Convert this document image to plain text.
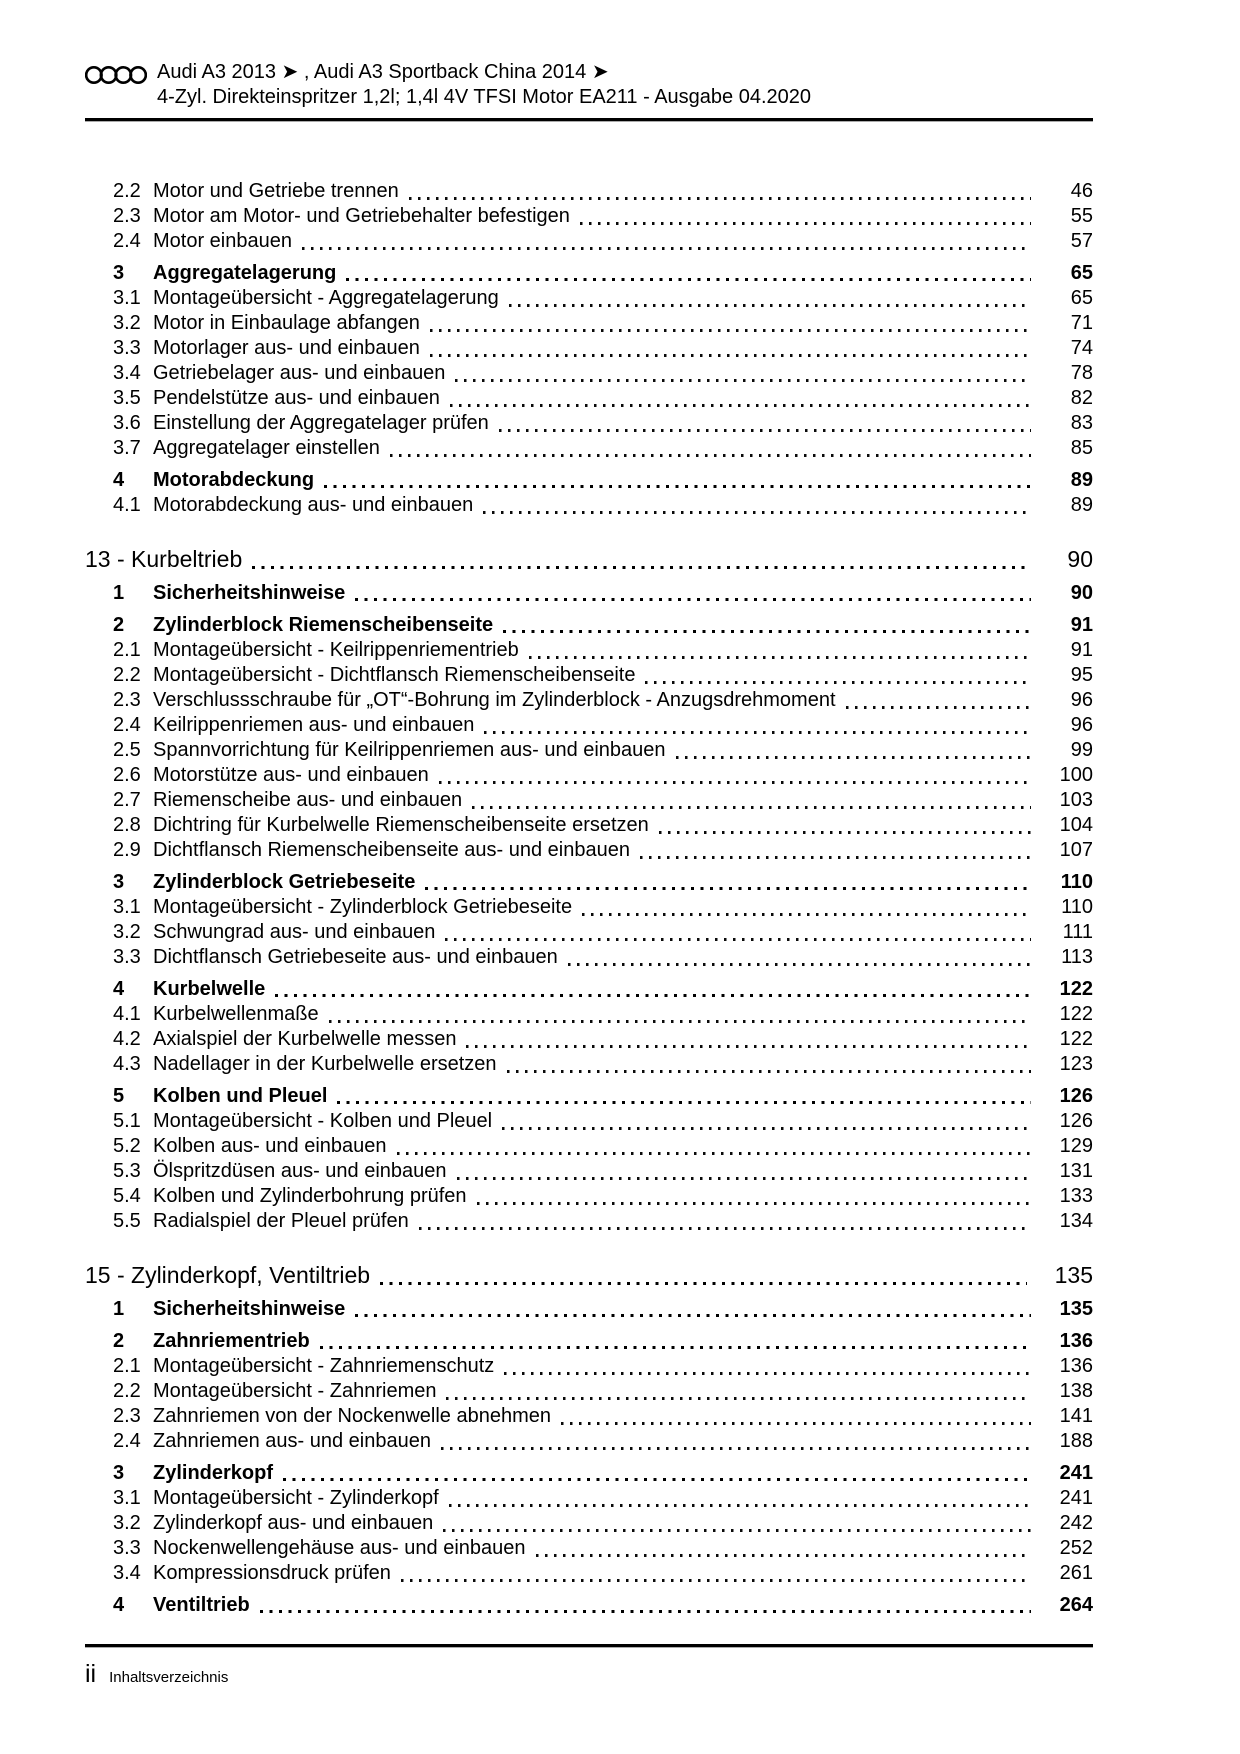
Audi A3 2013 ➤ , Audi A3 Sportback China 2014 ➤
4-Zyl. Direkteinspritzer 1,2l; 1,4l 4V TFSI Motor EA211 - Ausgabe 04.2020
2.2 Motor und Getriebe trennen	46
2.3 Motor am Motor- und Getriebehalter befestigen	55
2.4 Motor einbauen	57
3	Aggregatelagerung	65
3.1 Montageübersicht - Aggregatelagerung	65
3.2 Motor in Einbaulage abfangen	71
3.3 Motorlager aus- und einbauen	74
3.4 Getriebelager aus- und einbauen	78
3.5 Pendelstütze aus- und einbauen	82
3.6 Einstellung der Aggregatelager prüfen	83
3.7 Aggregatelager einstellen	85
4	Motorabdeckung	89
4.1 Motorabdeckung aus- und einbauen	89
13 - Kurbeltrieb	90
1	Sicherheitshinweise	90
2	Zylinderblock Riemenscheibenseite	91
2.1 Montageübersicht - Keilrippenriementrieb	91
2.2 Montageübersicht - Dichtflansch Riemenscheibenseite	95
2.3 Verschlussschraube für „OT“-Bohrung im Zylinderblock - Anzugsdrehmoment	96
2.4 Keilrippenriemen aus- und einbauen	96
2.5 Spannvorrichtung für Keilrippenriemen aus- und einbauen	99
2.6 Motorstütze aus- und einbauen	100
2.7 Riemenscheibe aus- und einbauen	103
2.8 Dichtring für Kurbelwelle Riemenscheibenseite ersetzen	104
2.9 Dichtflansch Riemenscheibenseite aus- und einbauen	107
3	Zylinderblock Getriebeseite	110
3.1 Montageübersicht - Zylinderblock Getriebeseite	110
3.2 Schwungrad aus- und einbauen	111
3.3 Dichtflansch Getriebeseite aus- und einbauen	113
4	Kurbelwelle	122
4.1 Kurbelwellenmaße	122
4.2 Axialspiel der Kurbelwelle messen	122
4.3 Nadellager in der Kurbelwelle ersetzen	123
5	Kolben und Pleuel	126
5.1 Montageübersicht - Kolben und Pleuel	126
5.2 Kolben aus- und einbauen	129
5.3 Ölspritzdüsen aus- und einbauen	131
5.4 Kolben und Zylinderbohrung prüfen	133
5.5 Radialspiel der Pleuel prüfen	134
15 - Zylinderkopf, Ventiltrieb	135
1	Sicherheitshinweise	135
2	Zahnriementrieb	136
2.1 Montageübersicht - Zahnriemenschutz	136
2.2 Montageübersicht - Zahnriemen	138
2.3 Zahnriemen von der Nockenwelle abnehmen	141
2.4 Zahnriemen aus- und einbauen	188
3	Zylinderkopf	241
3.1 Montageübersicht - Zylinderkopf	241
3.2 Zylinderkopf aus- und einbauen	242
3.3 Nockenwellengehäuse aus- und einbauen	252
3.4 Kompressionsdruck prüfen	261
4	Ventiltrieb	264
ii Inhaltsverzeichnis
